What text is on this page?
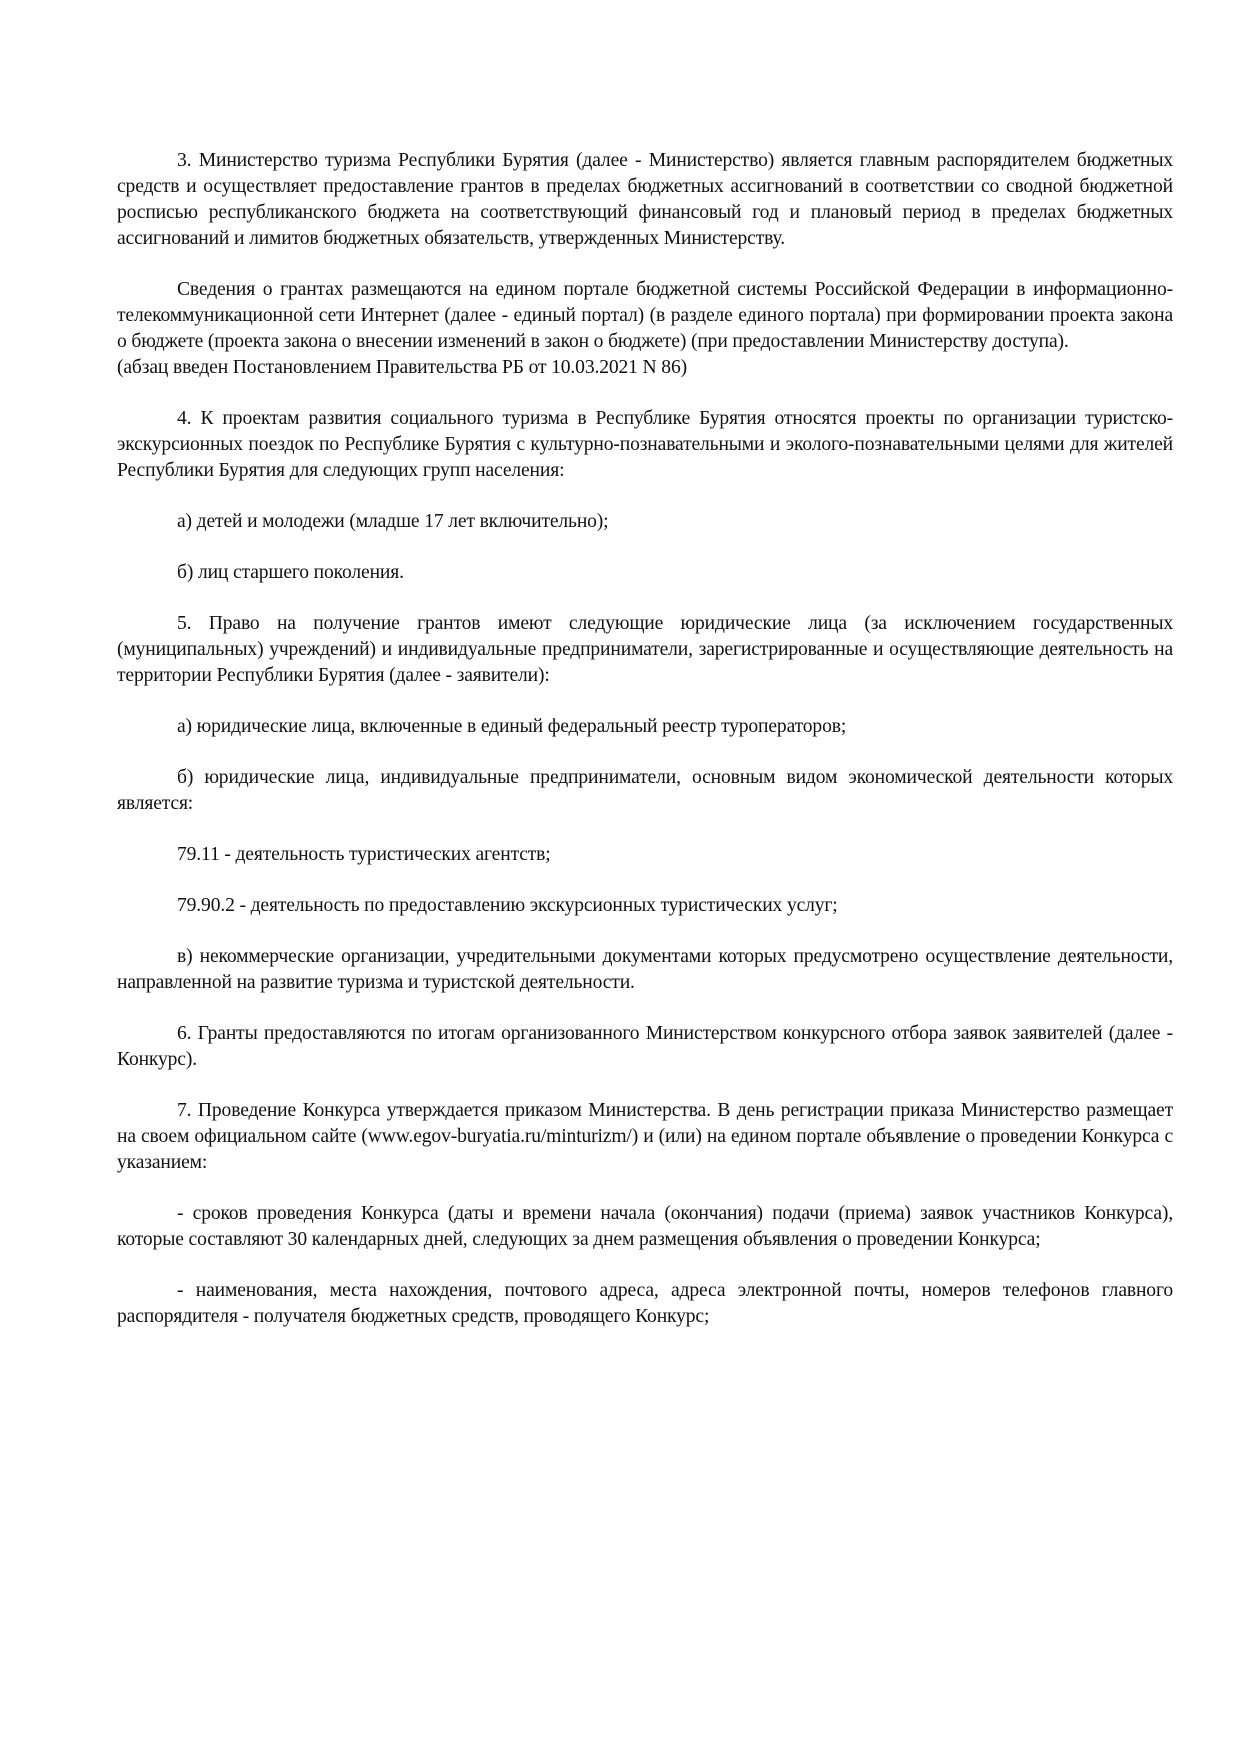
3. Министерство туризма Республики Бурятия (далее - Министерство) является главным распорядителем бюджетных средств и осуществляет предоставление грантов в пределах бюджетных ассигнований в соответствии со сводной бюджетной росписью республиканского бюджета на соответствующий финансовый год и плановый период в пределах бюджетных ассигнований и лимитов бюджетных обязательств, утвержденных Министерству.

Сведения о грантах размещаются на едином портале бюджетной системы Российской Федерации в информационно-телекоммуникационной сети Интернет (далее - единый портал) (в разделе единого портала) при формировании проекта закона о бюджете (проекта закона о внесении изменений в закон о бюджете) (при предоставлении Министерству доступа).
(абзац введен Постановлением Правительства РБ от 10.03.2021 N 86)

4. К проектам развития социального туризма в Республике Бурятия относятся проекты по организации туристско-экскурсионных поездок по Республике Бурятия с культурно-познавательными и эколого-познавательными целями для жителей Республики Бурятия для следующих групп населения:

а) детей и молодежи (младше 17 лет включительно);

б) лиц старшего поколения.

5. Право на получение грантов имеют следующие юридические лица (за исключением государственных (муниципальных) учреждений) и индивидуальные предприниматели, зарегистрированные и осуществляющие деятельность на территории Республики Бурятия (далее - заявители):

а) юридические лица, включенные в единый федеральный реестр туроператоров;

б) юридические лица, индивидуальные предприниматели, основным видом экономической деятельности которых является:

79.11 - деятельность туристических агентств;

79.90.2 - деятельность по предоставлению экскурсионных туристических услуг;

в) некоммерческие организации, учредительными документами которых предусмотрено осуществление деятельности, направленной на развитие туризма и туристской деятельности.

6. Гранты предоставляются по итогам организованного Министерством конкурсного отбора заявок заявителей (далее - Конкурс).

7. Проведение Конкурса утверждается приказом Министерства. В день регистрации приказа Министерство размещает на своем официальном сайте (www.egov-buryatia.ru/minturizm/) и (или) на едином портале объявление о проведении Конкурса с указанием:

- сроков проведения Конкурса (даты и времени начала (окончания) подачи (приема) заявок участников Конкурса), которые составляют 30 календарных дней, следующих за днем размещения объявления о проведении Конкурса;

- наименования, места нахождения, почтового адреса, адреса электронной почты, номеров телефонов главного распорядителя - получателя бюджетных средств, проводящего Конкурс;
